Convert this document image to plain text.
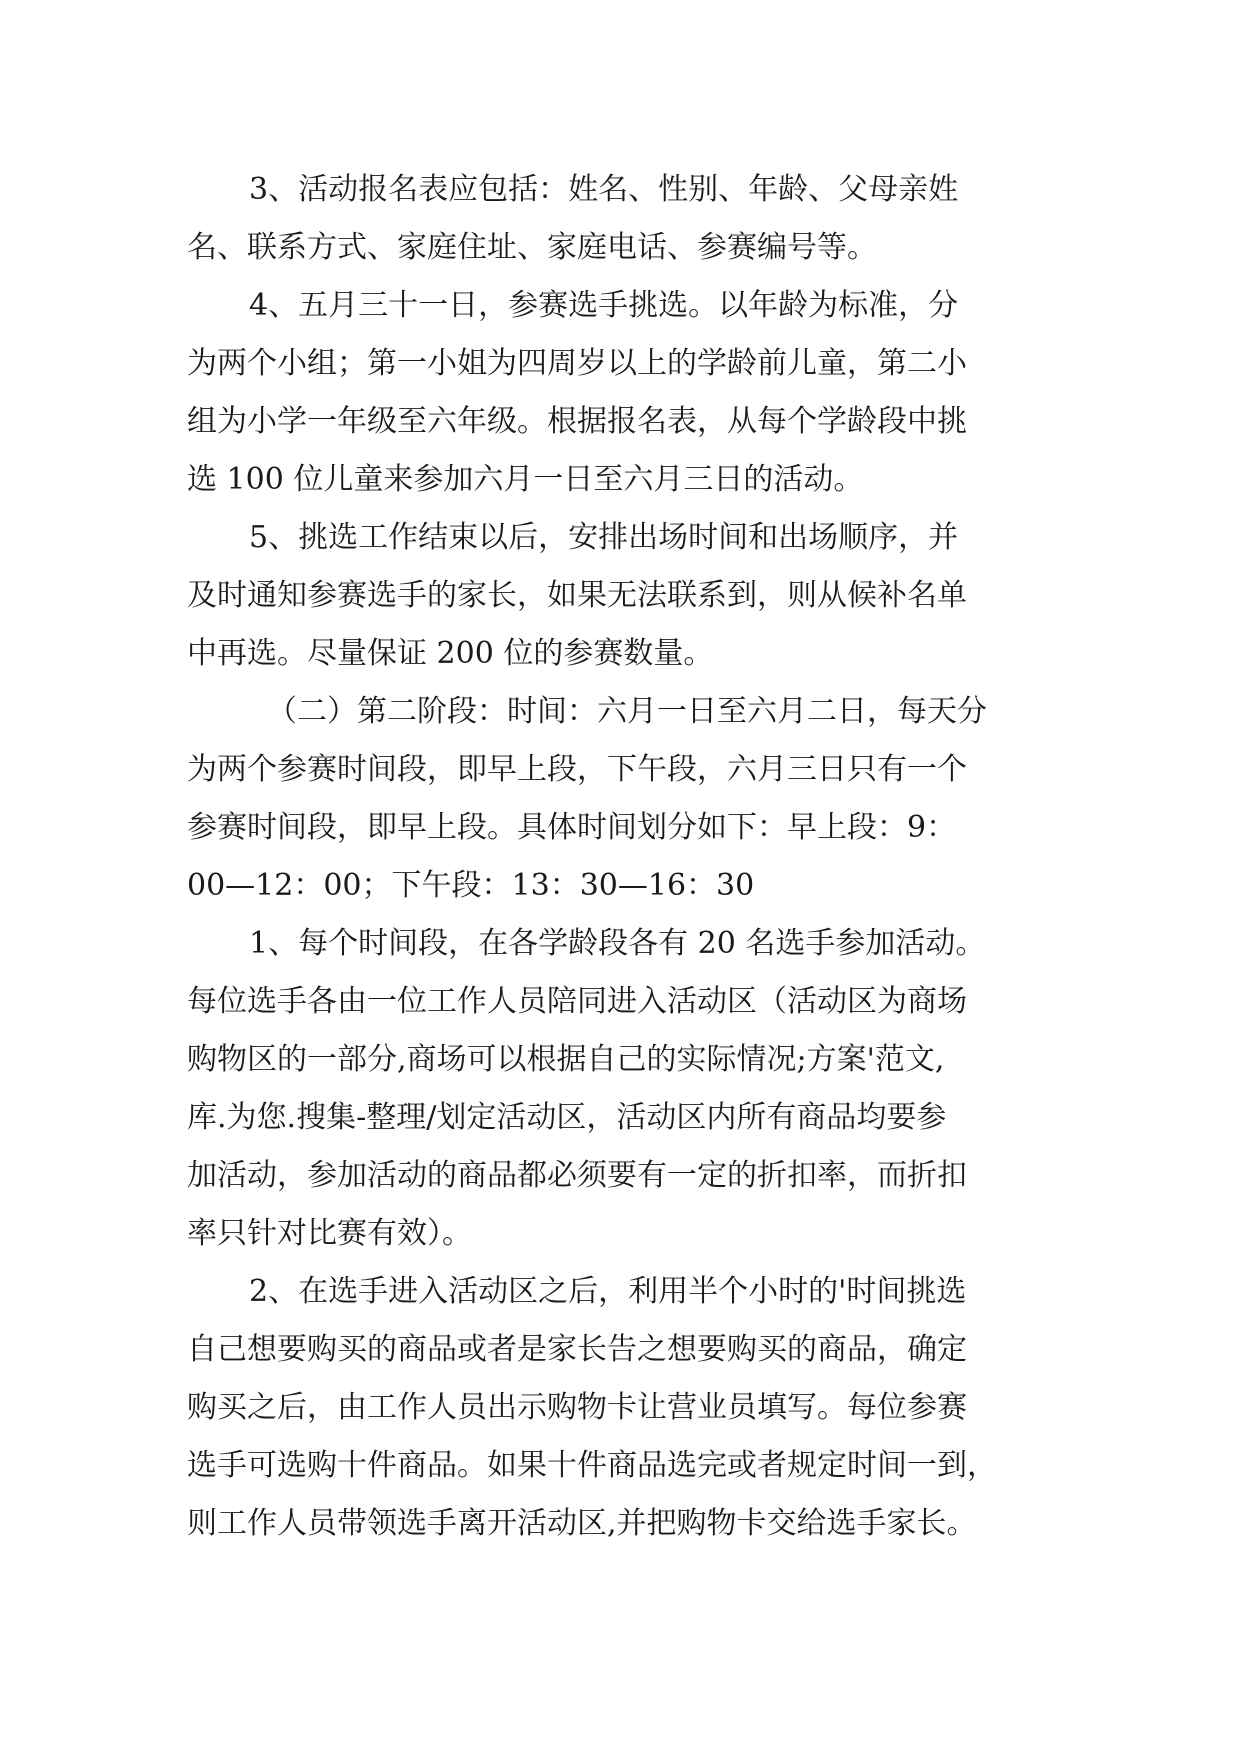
3、活动报名表应包括：姓名、性别、年龄、父母亲姓
名、联系方式、家庭住址、家庭电话、参赛编号等。
4、五月三十一日，参赛选手挑选。以年龄为标准，分
为两个小组；第一小姐为四周岁以上的学龄前儿童，第二小
组为小学一年级至六年级。根据报名表，从每个学龄段中挑
选 100 位儿童来参加六月一日至六月三日的活动。
5、挑选工作结束以后，安排出场时间和出场顺序，并
及时通知参赛选手的家长，如果无法联系到，则从候补名单
中再选。尽量保证 200 位的参赛数量。
（二）第二阶段：时间：六月一日至六月二日，每天分
为两个参赛时间段，即早上段，下午段，六月三日只有一个
参赛时间段，即早上段。具体时间划分如下：早上段：9：
00—12：00；下午段：13：30—16：30
1、每个时间段，在各学龄段各有 20 名选手参加活动。
每位选手各由一位工作人员陪同进入活动区（活动区为商场
购物区的一部分,商场可以根据自己的实际情况;方案'范文,
库.为您.搜集-整理/划定活动区，活动区内所有商品均要参
加活动，参加活动的商品都必须要有一定的折扣率，而折扣
率只针对比赛有效）。
2、在选手进入活动区之后，利用半个小时的'时间挑选
自己想要购买的商品或者是家长告之想要购买的商品，确定
购买之后，由工作人员出示购物卡让营业员填写。每位参赛
选手可选购十件商品。如果十件商品选完或者规定时间一到，
则工作人员带领选手离开活动区,并把购物卡交给选手家长。
